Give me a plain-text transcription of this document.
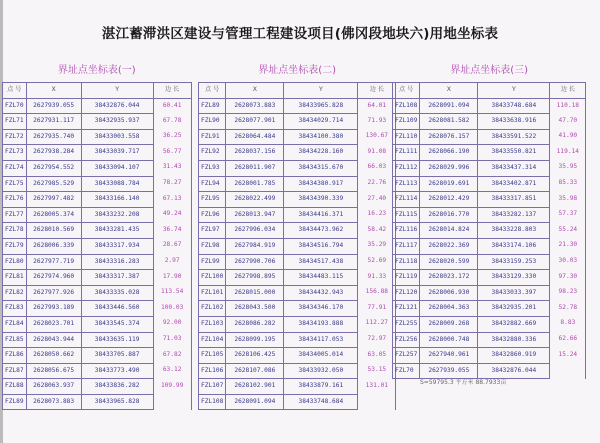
湛江蓄滞洪区建设与管理工程建设项目(佛冈段地块六)用地坐标表
界址点坐标表(一)
点 号	X	Y	边 长
FZL70	2627939.055	38432876.044	60.41
FZL71	2627931.117	38432935.937	67.78
FZL72	2627935.740	38433003.558	36.25
FZL73	2627938.284	38433039.717	56.77
FZL74	2627954.552	38433094.107	31.43
FZL75	2627985.529	38433088.784	78.27
FZL76	2627997.482	38433166.140	67.13
FZL77	2628005.374	38433232.208	49.24
FZL78	2628010.569	38433281.435	36.74
FZL79	2628006.339	38433317.934	28.67
FZL80	2627977.719	38433316.283	2.97
FZL81	2627974.960	38433317.387	17.90
FZL82	2627977.926	38433335.028	113.54
FZL83	2627993.189	38433446.560	100.03
FZL84	2628023.701	38433545.374	92.00
FZL85	2628043.944	38433635.119	71.03
FZL86	2628050.662	38433705.887	67.82
FZL87	2628056.675	38433773.490	63.12
FZL88	2628063.937	38433836.282	109.99
FZL89	2628073.883	38433965.828	
界址点坐标表(二)
点 号	X	Y	边 长
FZL89	2628073.883	38433965.828	64.01
FZL90	2628077.901	38434029.714	71.93
FZL91	2628064.484	38434100.380	130.67
FZL92	2628037.156	38434228.160	91.08
FZL93	2628011.907	38434315.670	66.03
FZL94	2628001.785	38434380.917	22.76
FZL95	2628022.499	38434390.339	27.40
FZL96	2628013.947	38434416.371	16.23
FZL97	2627996.034	38434473.962	58.42
FZL98	2627984.919	38434516.794	35.29
FZL99	2627990.706	38434517.438	52.69
FZL100	2627998.895	38434483.115	91.33
FZL101	2628015.000	38434432.943	156.88
FZL102	2628043.500	38434346.170	77.91
FZL103	2628086.282	38434193.888	112.27
FZL104	2628099.195	38434117.053	72.97
FZL105	2628106.425	38434005.014	63.05
FZL106	2628107.086	38433932.050	53.15
FZL107	2628102.901	38433879.161	131.01
FZL108	2628091.094	38433748.684	
界址点坐标表(三)
点 号	X	Y	边 长
FZL108	2628091.094	38433748.684	110.18
FZL109	2628081.582	38433638.916	47.70
FZL110	2628076.157	38433591.522	41.90
FZL111	2628066.190	38433550.821	119.14
FZL112	2628029.996	38433437.314	35.95
FZL113	2628019.691	38433402.871	85.33
FZL114	2628012.429	38433317.851	35.98
FZL115	2628016.770	38433282.137	57.37
FZL116	2628014.824	38433228.803	55.24
FZL117	2628022.369	38433174.106	21.30
FZL118	2628020.599	38433159.253	30.03
FZL119	2628023.172	38433129.330	97.30
FZL120	2628006.930	38433033.397	98.23
FZL121	2628004.363	38432935.201	52.78
FZL255	2628009.268	38432882.669	8.83
FZL256	2628000.748	38432880.336	62.66
FZL257	2627940.961	38432860.919	15.24
FZL70	2627939.055	38432876.044	
S=59795.3 平方米 88.7933亩
